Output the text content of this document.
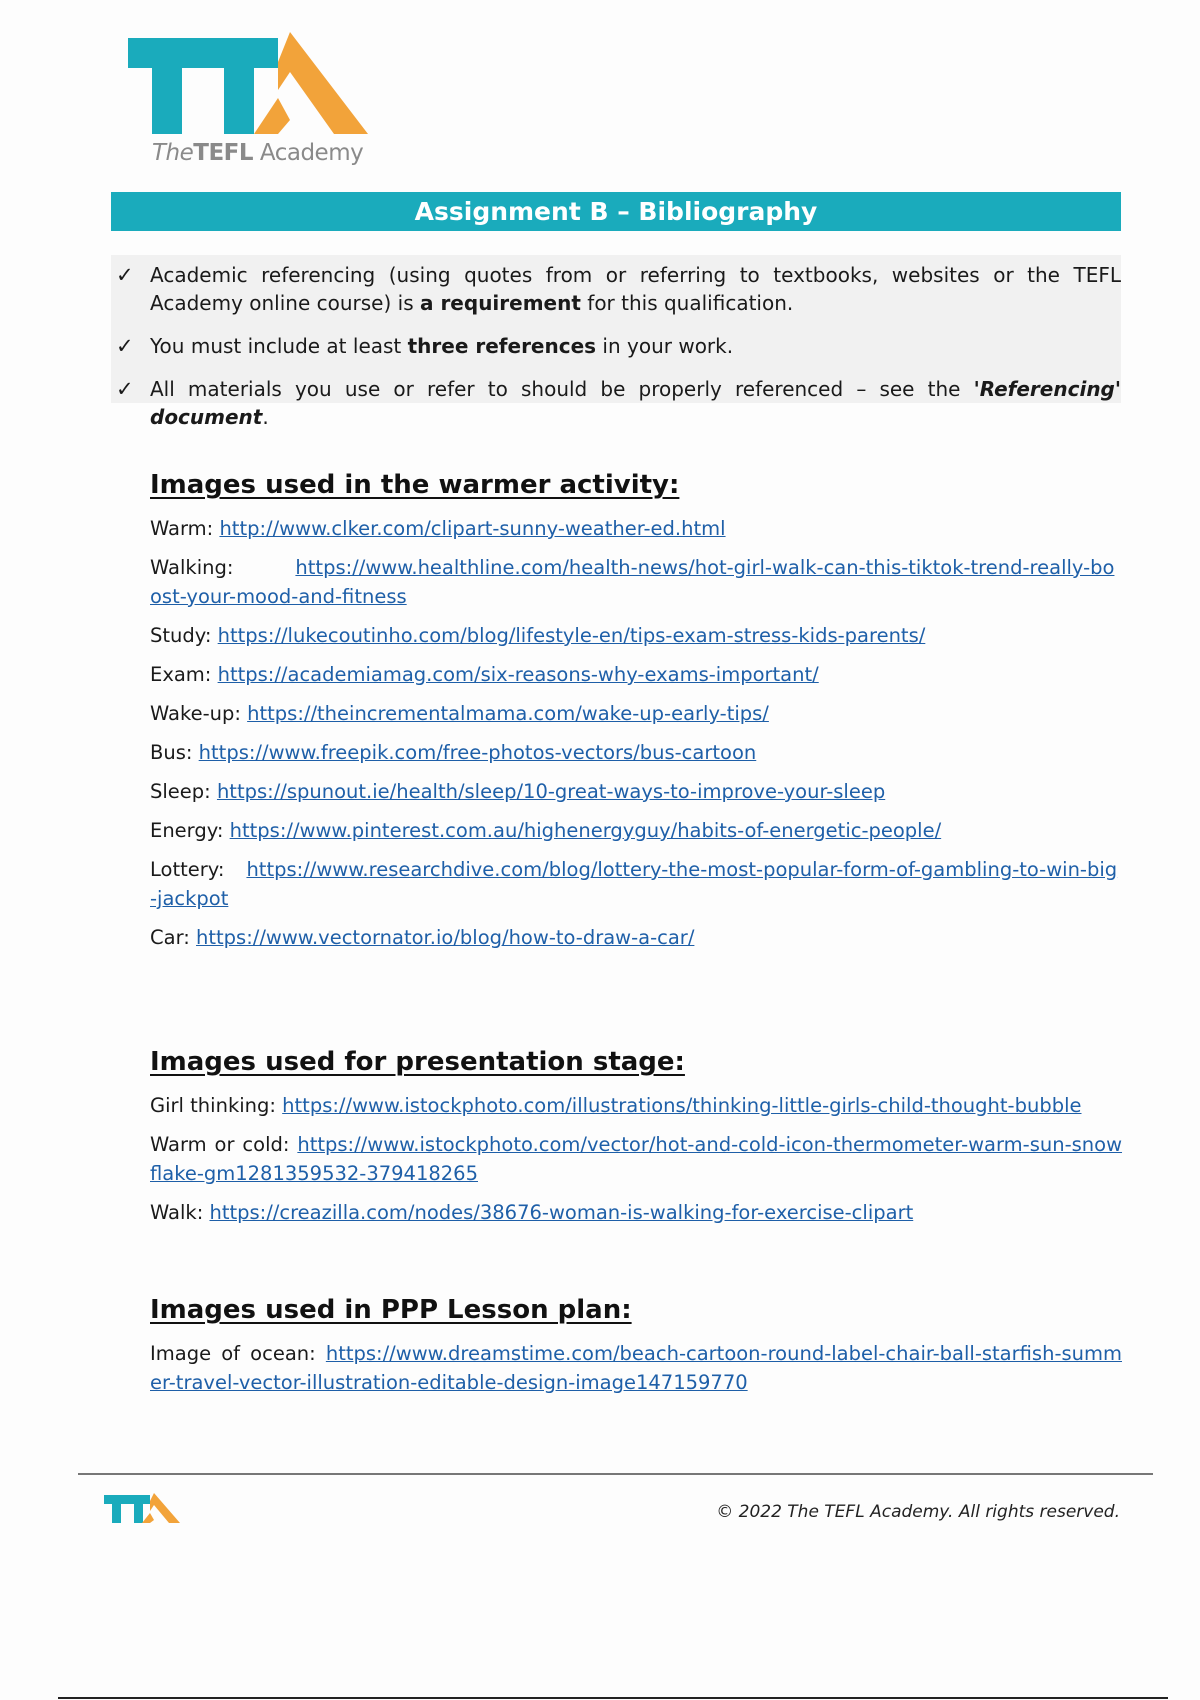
TheTEFL Academy
Assignment B – Bibliography
✓ Academic referencing (using quotes from or referring to textbooks, websites or the TEFL Academy online course) is a requirement for this qualification.
✓ You must include at least three references in your work.
✓ All materials you use or refer to should be properly referenced – see the 'Referencing' document.
Images used in the warmer activity:
Warm: http://www.clker.com/clipart-sunny-weather-ed.html
Walking:	https://www.healthline.com/health-news/hot-girl-walk-can-this-tiktok-trend-really-boost-your-mood-and-fitness
Study: https://lukecoutinho.com/blog/lifestyle-en/tips-exam-stress-kids-parents/
Exam: https://academiamag.com/six-reasons-why-exams-important/
Wake-up: https://theincrementalmama.com/wake-up-early-tips/
Bus: https://www.freepik.com/free-photos-vectors/bus-cartoon
Sleep: https://spunout.ie/health/sleep/10-great-ways-to-improve-your-sleep
Energy: https://www.pinterest.com.au/highenergyguy/habits-of-energetic-people/
Lottery: https://www.researchdive.com/blog/lottery-the-most-popular-form-of-gambling-to-win-big-jackpot
Car: https://www.vectornator.io/blog/how-to-draw-a-car/
Images used for presentation stage:
Girl thinking: https://www.istockphoto.com/illustrations/thinking-little-girls-child-thought-bubble
Warm or cold: https://www.istockphoto.com/vector/hot-and-cold-icon-thermometer-warm-sun-snowflake-gm1281359532-379418265
Walk: https://creazilla.com/nodes/38676-woman-is-walking-for-exercise-clipart
Images used in PPP Lesson plan:
Image of ocean: https://www.dreamstime.com/beach-cartoon-round-label-chair-ball-starfish-summer-travel-vector-illustration-editable-design-image147159770
© 2022 The TEFL Academy. All rights reserved.
